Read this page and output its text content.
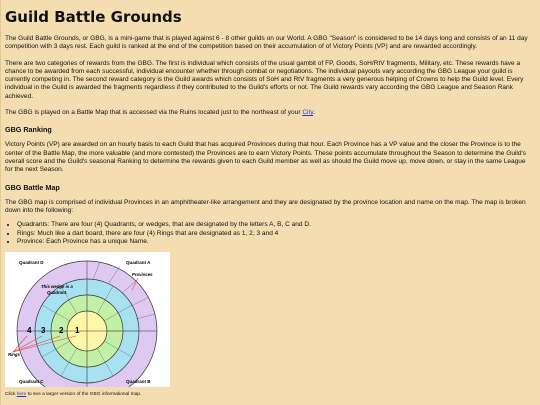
Guild Battle Grounds

The Guild Battle Grounds, or GBG, is a mini-game that is played against 6 - 8 other guilds on our World. A GBG "Season" is considered to be 14 days long and consists of an 11 day competition with 3 days rest. Each guild is ranked at the end of the competition based on their accumulation of of Victory Points (VP) and are rewarded accordingly.

There are two categories of rewards from the GBG. The first is individual which consists of the usual gambit of FP, Goods, SoH/RtV fragments, Military, etc. These rewards have a chance to be awarded from each successful, individual encounter whether through combat or negotiations. The individual payouts vary according the GBG League your guild is currently competing in. The second reward category is the Guild awards which consists of SoH and RtV fragments a very generous helping of Crowns to help the Guild level. Every individual in the Guild is awarded the fragments regardless if they contributed to the Guild's efforts or not. The Guild rewards vary according the GBG League and Season Rank achieved.

The GBG is played on a Battle Map that is accessed via the Ruins located just to the northeast of your City.

GBG Ranking

Victory Points (VP) are awarded on an hourly basis to each Guild that has acquired Provinces during that hour. Each Province has a VP value and the closer the Province is to the center of the Battle Map, the more valuable (and more contested) the Provinces are to earn Victory Points. These points accumulate throughout the Season to determine the Guild's overall score and the Guild's seasonal Ranking to determine the rewards given to each Guild member as well as should the Guild move up, move down, or stay in the same League for the next Season.

GBG Battle Map

The GBG map is comprised of individual Provinces in an amphitheater-like arrangement and they are designated by the province location and name on the map. The map is broken down into the following:

• Quadrants: There are four (4) Quadrants, or wedges, that are designated by the letters A, B, C and D.
• Rings: Much like a dart board, there are four (4) Rings that are designated as 1, 2, 3 and 4
• Province: Each Province has a unique Name.
Quadrant D	Quadrant A
Quadrant C	Quadrant B
Provinces
This wedge is a
Quadrant.
4 3 2 1
Rings
Click here to see a larger version of the GBG informational map.
